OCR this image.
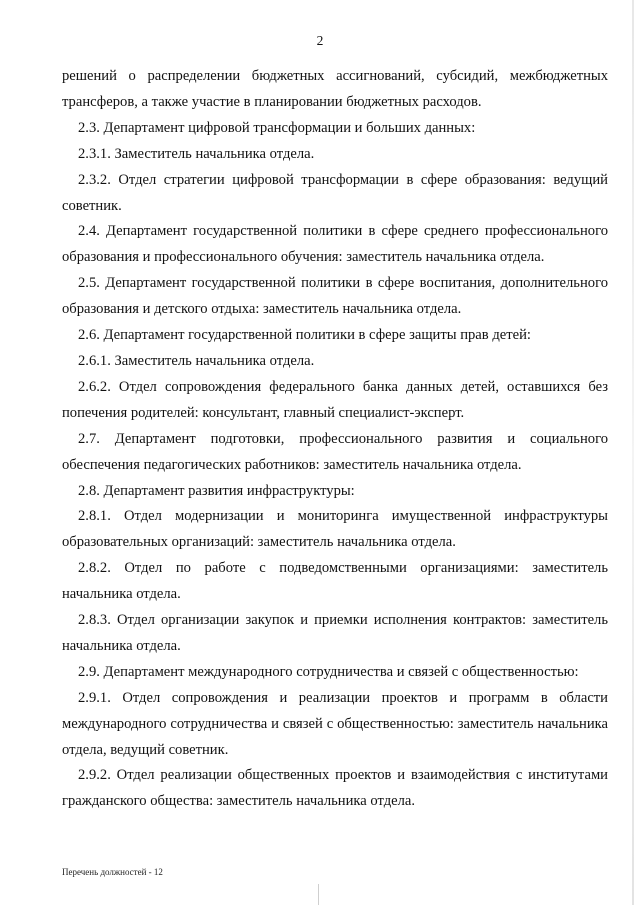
2

решений о распределении бюджетных ассигнований, субсидий, межбюджетных трансферов, а также участие в планировании бюджетных расходов.

2.3. Департамент цифровой трансформации и больших данных:

2.3.1. Заместитель начальника отдела.

2.3.2. Отдел стратегии цифровой трансформации в сфере образования: ведущий советник.

2.4. Департамент государственной политики в сфере среднего профессионального образования и профессионального обучения: заместитель начальника отдела.

2.5. Департамент государственной политики в сфере воспитания, дополнительного образования и детского отдыха: заместитель начальника отдела.

2.6. Департамент государственной политики в сфере защиты прав детей:

2.6.1. Заместитель начальника отдела.

2.6.2. Отдел сопровождения федерального банка данных детей, оставшихся без попечения родителей: консультант, главный специалист-эксперт.

2.7. Департамент подготовки, профессионального развития и социального обеспечения педагогических работников: заместитель начальника отдела.

2.8. Департамент развития инфраструктуры:

2.8.1. Отдел модернизации и мониторинга имущественной инфраструктуры образовательных организаций: заместитель начальника отдела.

2.8.2. Отдел по работе с подведомственными организациями: заместитель начальника отдела.

2.8.3. Отдел организации закупок и приемки исполнения контрактов: заместитель начальника отдела.

2.9. Департамент международного сотрудничества и связей с общественностью:

2.9.1. Отдел сопровождения и реализации проектов и программ в области международного сотрудничества и связей с общественностью: заместитель начальника отдела, ведущий советник.

2.9.2. Отдел реализации общественных проектов и взаимодействия с институтами гражданского общества: заместитель начальника отдела.

Перечень должностей - 12
